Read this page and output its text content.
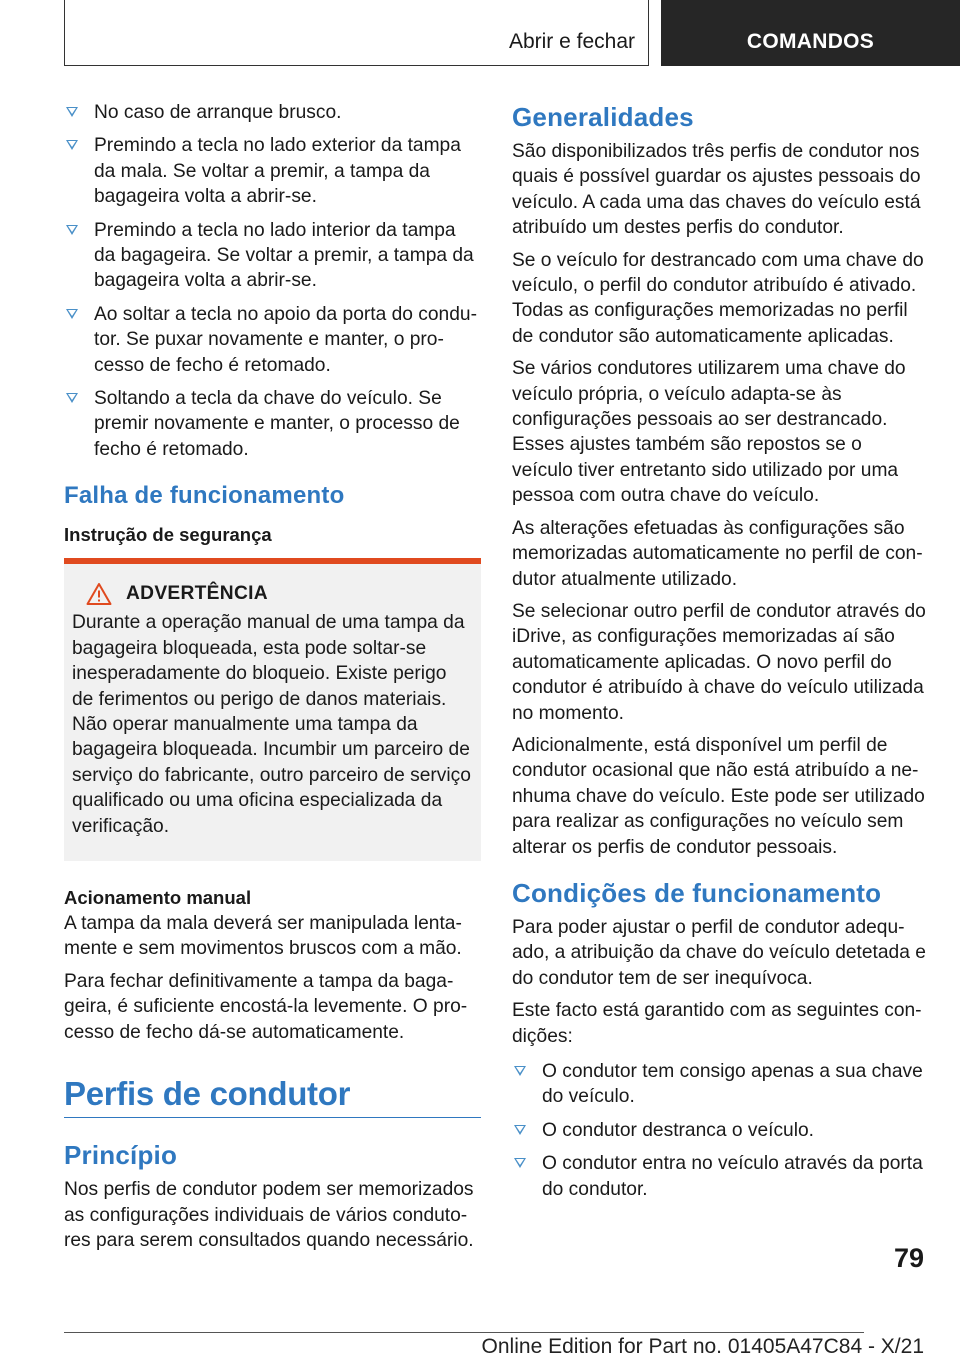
Abrir e fechar	COMANDOS
No caso de arranque brusco.
Premindo a tecla no lado exterior da tampa da mala. Se voltar a premir, a tampa da bagageira volta a abrir-se.
Premindo a tecla no lado interior da tampa da bagageira. Se voltar a premir, a tampa da bagageira volta a abrir-se.
Ao soltar a tecla no apoio da porta do condutor. Se puxar novamente e manter, o processo de fecho é retomado.
Soltando a tecla da chave do veículo. Se premir novamente e manter, o processo de fecho é retomado.
Falha de funcionamento
Instrução de segurança
ADVERTÊNCIA

Durante a operação manual de uma tampa da bagageira bloqueada, esta pode soltar-se inesperadamente do bloqueio. Existe perigo de ferimentos ou perigo de danos materiais. Não operar manualmente uma tampa da bagageira bloqueada. Incumbir um parceiro de serviço do fabricante, outro parceiro de serviço qualificado ou uma oficina especializada da verificação.

Acionamento manual

A tampa da mala deverá ser manipulada lentamente e sem movimentos bruscos com a mão.

Para fechar definitivamente a tampa da bagageira, é suficiente encostá-la levemente. O processo de fecho dá-se automaticamente.

Perfis de condutor
Princípio

Nos perfis de condutor podem ser memorizados as configurações individuais de vários condutores para serem consultados quando necessário.

Generalidades

São disponibilizados três perfis de condutor nos quais é possível guardar os ajustes pessoais do veículo. A cada uma das chaves do veículo está atribuído um destes perfis do condutor.

Se o veículo for destrancado com uma chave do veículo, o perfil do condutor atribuído é ativado. Todas as configurações memorizadas no perfil de condutor são automaticamente aplicadas.

Se vários condutores utilizarem uma chave do veículo própria, o veículo adapta-se às configurações pessoais ao ser destrancado. Esses ajustes também são repostos se o veículo tiver entretanto sido utilizado por uma pessoa com outra chave do veículo.

As alterações efetuadas às configurações são memorizadas automaticamente no perfil de condutor atualmente utilizado.

Se selecionar outro perfil de condutor através do iDrive, as configurações memorizadas aí são automaticamente aplicadas. O novo perfil do condutor é atribuído à chave do veículo utilizada no momento.

Adicionalmente, está disponível um perfil de condutor ocasional que não está atribuído a nenhuma chave do veículo. Este pode ser utilizado para realizar as configurações no veículo sem alterar os perfis de condutor pessoais.

Condições de funcionamento

Para poder ajustar o perfil de condutor adequado, a atribuição da chave do veículo detetada e do condutor tem de ser inequívoca.

Este facto está garantido com as seguintes condições:

O condutor tem consigo apenas a sua chave do veículo.
O condutor destranca o veículo.
O condutor entra no veículo através da porta do condutor.
79
Online Edition for Part no. 01405A47C84 - X/21
